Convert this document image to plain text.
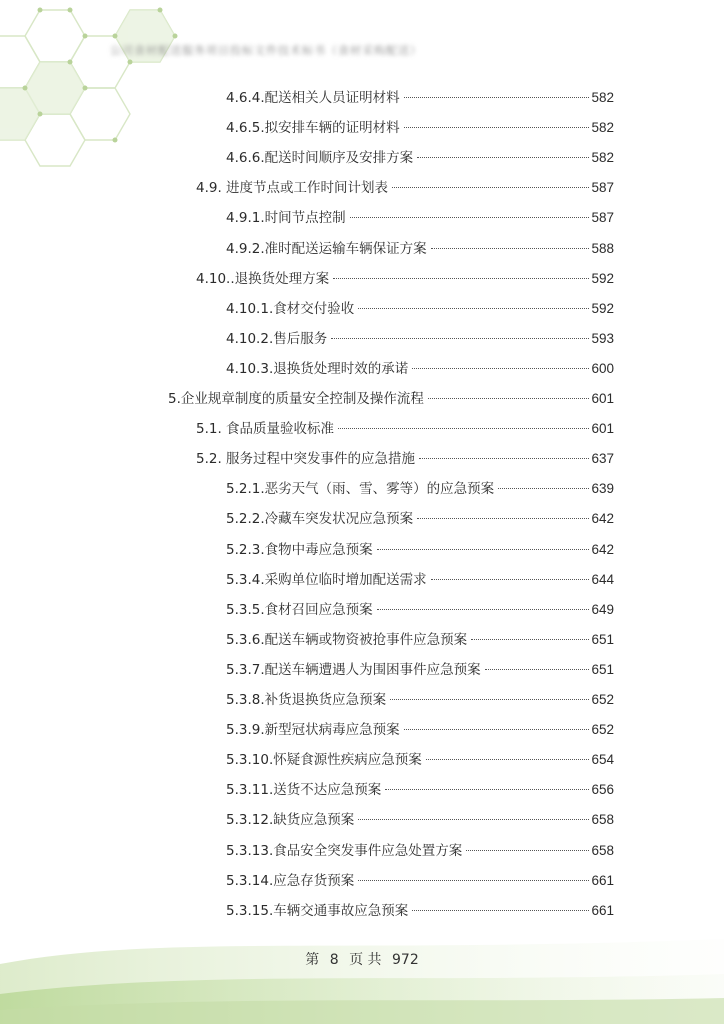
公司食材配送服务项目投标文件技术标书（食材采购配送）
4.6.4.配送相关人员证明材料	582
4.6.5.拟安排车辆的证明材料	582
4.6.6.配送时间顺序及安排方案	582
4.9. 进度节点或工作时间计划表	587
4.9.1.时间节点控制	587
4.9.2.准时配送运输车辆保证方案	588
4.10..退换货处理方案	592
4.10.1.食材交付验收	592
4.10.2.售后服务	593
4.10.3.退换货处理时效的承诺	600
5.企业规章制度的质量安全控制及操作流程	601
5.1. 食品质量验收标准	601
5.2. 服务过程中突发事件的应急措施	637
5.2.1.恶劣天气（雨、雪、雾等）的应急预案	639
5.2.2.冷藏车突发状况应急预案	642
5.2.3.食物中毒应急预案	642
5.3.4.采购单位临时增加配送需求	644
5.3.5.食材召回应急预案	649
5.3.6.配送车辆或物资被抢事件应急预案	651
5.3.7.配送车辆遭遇人为围困事件应急预案	651
5.3.8.补货退换货应急预案	652
5.3.9.新型冠状病毒应急预案	652
5.3.10.怀疑食源性疾病应急预案	654
5.3.11.送货不达应急预案	656
5.3.12.缺货应急预案	658
5.3.13.食品安全突发事件应急处置方案	658
5.3.14.应急存货预案	661
5.3.15.车辆交通事故应急预案	661
第 8 页 共 972
